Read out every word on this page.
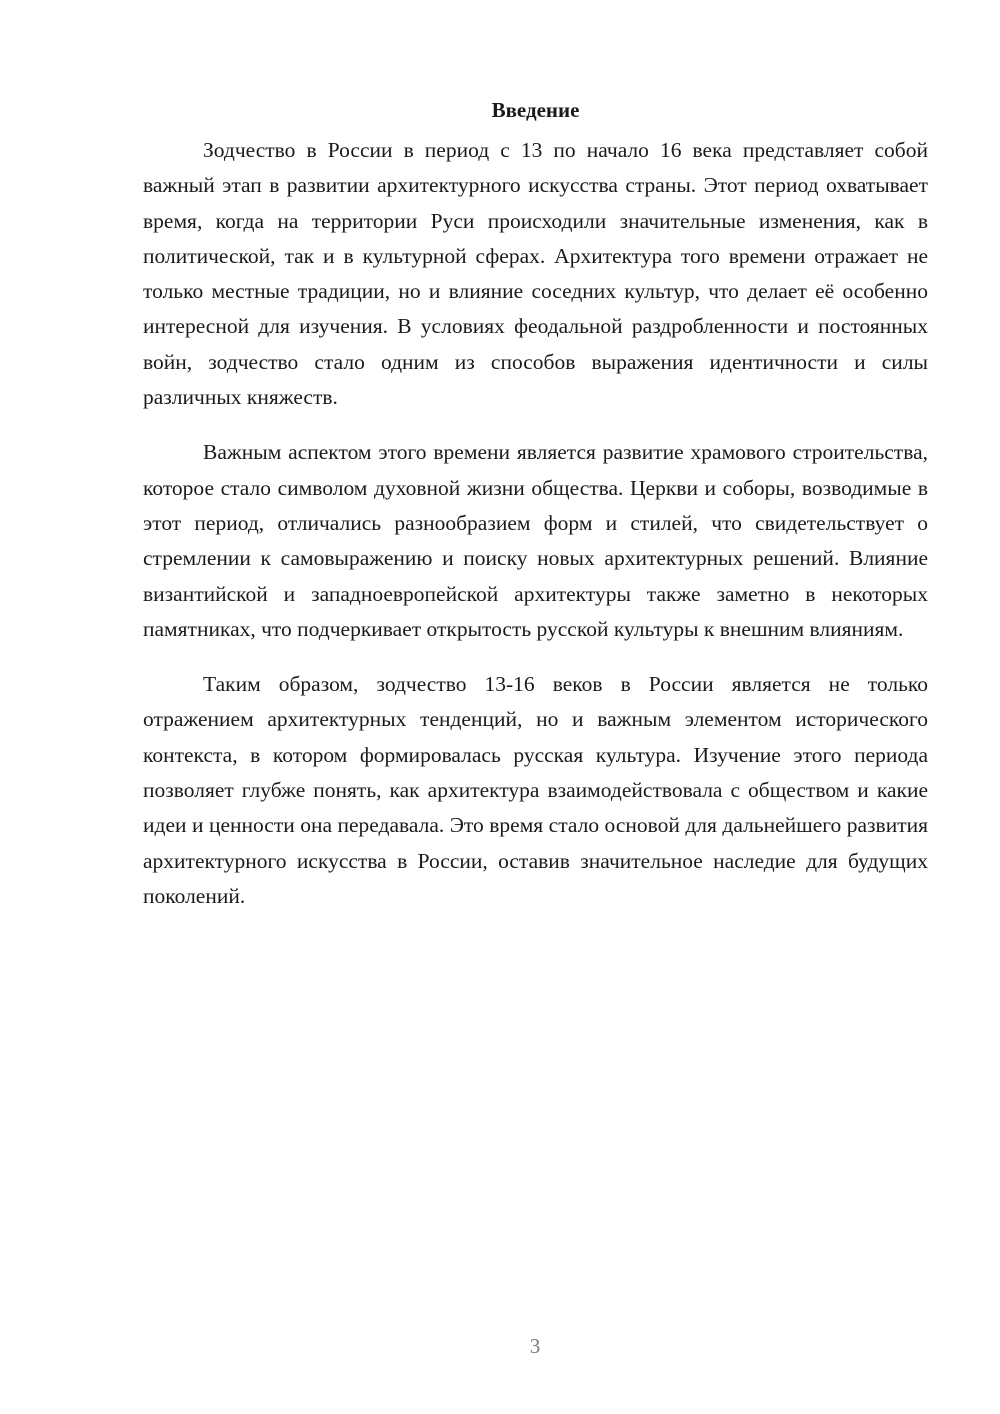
Введение

Зодчество в России в период с 13 по начало 16 века представляет собой важный этап в развитии архитектурного искусства страны. Этот период охватывает время, когда на территории Руси происходили значительные изменения, как в политической, так и в культурной сферах. Архитектура того времени отражает не только местные традиции, но и влияние соседних культур, что делает её особенно интересной для изучения. В условиях феодальной раздробленности и постоянных войн, зодчество стало одним из способов выражения идентичности и силы различных княжеств.

Важным аспектом этого времени является развитие храмового строительства, которое стало символом духовной жизни общества. Церкви и соборы, возводимые в этот период, отличались разнообразием форм и стилей, что свидетельствует о стремлении к самовыражению и поиску новых архитектурных решений. Влияние византийской и западноевропейской архитектуры также заметно в некоторых памятниках, что подчеркивает открытость русской культуры к внешним влияниям.

Таким образом, зодчество 13-16 веков в России является не только отражением архитектурных тенденций, но и важным элементом исторического контекста, в котором формировалась русская культура. Изучение этого периода позволяет глубже понять, как архитектура взаимодействовала с обществом и какие идеи и ценности она передавала. Это время стало основой для дальнейшего развития архитектурного искусства в России, оставив значительное наследие для будущих поколений.

3
